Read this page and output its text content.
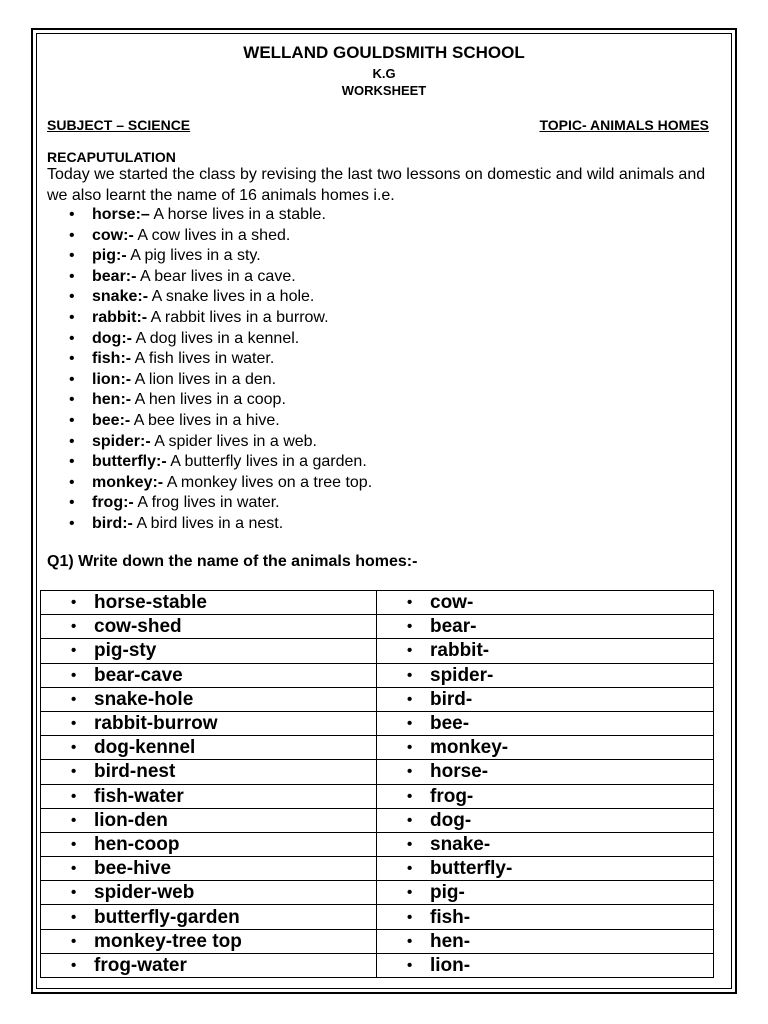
WELLAND GOULDSMITH SCHOOL
K.G
WORKSHEET
SUBJECT – SCIENCE	TOPIC- ANIMALS HOMES
RECAPUTULATION

Today we started the class by revising the last two lessons on domestic and wild animals and we also learnt the name of 16 animals homes i.e.

• horse:– A horse lives in a stable.
• cow:- A cow lives in a shed.
• pig:- A pig lives in a sty.
• bear:- A bear lives in a cave.
• snake:- A snake lives in a hole.
• rabbit:- A rabbit lives in a burrow.
• dog:- A dog lives in a kennel.
• fish:- A fish lives in water.
• lion:- A lion lives in a den.
• hen:- A hen lives in a coop.
• bee:- A bee lives in a hive.
• spider:- A spider lives in a web.
• butterfly:- A butterfly lives in a garden.
• monkey:- A monkey lives on a tree top.
• frog:- A frog lives in water.
• bird:- A bird lives in a nest.
Q1) Write down the name of the animals homes:-
• horse-stable	• cow-

• cow-shed	• bear-

• pig-sty	• rabbit-

• bear-cave	• spider-

• snake-hole	• bird-

• rabbit-burrow	• bee-

• dog-kennel	• monkey-

• bird-nest	• horse-

• fish-water	• frog-

• lion-den	• dog-

• hen-coop	• snake-

• bee-hive	• butterfly-

• spider-web	• pig-

• butterfly-garden	• fish-

• monkey-tree top	• hen-

• frog-water	• lion-
